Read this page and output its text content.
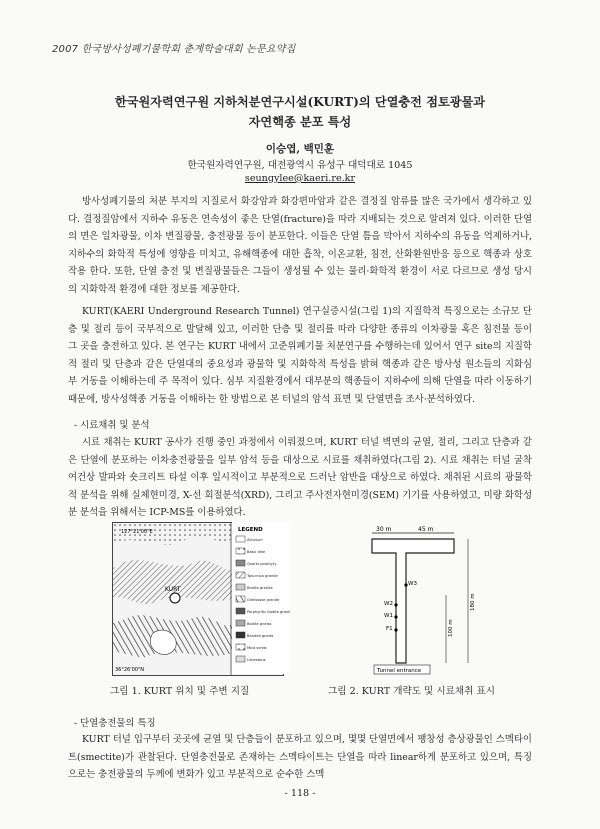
2007 한국방사성폐기물학회 춘계학술대회 논문요약집
한국원자력연구원 지하처분연구시설(KURT)의 단열충전 점토광물과
자연핵종 분포 특성
이승엽, 백민훈
한국원자력연구원, 대전광역시 유성구 대덕대로 1045
seungylee@kaeri.re.kr

방사성폐기물의 처분 부지의 지질로서 화강암과 화강편마암과 같은 결정질 암류를 많은 국가에서 생각하고 있다. 결정질암에서 지하수 유동은 연속성이 좋은 단열(fracture)을 따라 지배되는 것으로 알려져 있다. 이러한 단열의 면은 일차광물, 이차 변질광물, 충전광물 등이 분포한다. 이들은 단열 틈을 막아서 지하수의 유동을 억제하거나, 지하수의 화학적 특성에 영향을 미치고, 유해핵종에 대한 흡착, 이온교환, 침전, 산화환원반응 등으로 핵종과 상호작용 한다. 또한, 단열 충전 및 변질광물들은 그들이 생성될 수 있는 물리·화학적 환경이 서로 다르므로 생성 당시의 지화학적 환경에 대한 정보를 제공한다.

KURT(KAERI Underground Research Tunnel) 연구실증시설(그림 1)의 지질학적 특징으로는 소규모 단층 및 절리 등이 국부적으로 발달해 있고, 이러한 단층 및 절리를 따라 다양한 종류의 이차광물 혹은 침전물 등이 그 곳을 충전하고 있다. 본 연구는 KURT 내에서 고준위폐기물 처분연구를 수행하는데 있어서 연구 site의 지질학적 절리 및 단층과 같은 단열대의 중요성과 광물학 및 지화학적 특성을 밝혀 핵종과 같은 방사성 원소들의 지화심부 거동을 이해하는데 주 목적이 있다. 심부 지질환경에서 대부분의 핵종들이 지하수에 의해 단열을 따라 이동하기 때문에, 방사성핵종 거동을 이해하는 한 방법으로 본 터널의 암석 표면 및 단열면을 조사·분석하였다.

- 시료채취 및 분석

시료 채취는 KURT 공사가 진행 중인 과정에서 이뤄졌으며, KURT 터널 벽면의 균열, 절리, 그리고 단층과 같은 단열에 분포하는 이차충전광물을 일부 암석 등을 대상으로 시료를 채취하였다(그림 2). 시료 채취는 터널 굴착 여건상 발파와 숏크리트 타설 이후 일시적이고 부분적으로 드러난 암반을 대상으로 하였다. 채취된 시료의 광물학적 분석을 위해 실체현미경, X-선 회절분석(XRD), 그리고 주사전자현미경(SEM) 기기를 사용하였고, 미량 화학성분 분석을 위해서는 ICP-MS를 이용하였다.

KURT
127°21'00"E
36°26'00"N
LEGEND
Alluvium
Basic dike
Quartz porphyry
Two-mica granite
Biotite granite
Gneissose granite
Porphyritic biotite granite
Biotite gneiss
Banded gneiss
Mica schist
Limestone
30 m	45 m
180 m
100 m
W3
W2
W1
F1
Tunnel entrance
그림 1. KURT 위치 및 주변 지질	그림 2. KURT 개략도 및 시료채취 표시
- 단열충전물의 특징

KURT 터널 입구부터 곳곳에 균열 및 단층들이 분포하고 있으며, 몇몇 단열면에서 팽창성 층상광물인 스멕타이트(smectite)가 관찰된다. 단열충전물로 존재하는 스멕타이트는 단열을 따라 linear하게 분포하고 있으며, 특징으로는 충전광물의 두께에 변화가 있고 부분적으로 순수한 스멕

- 118 -
